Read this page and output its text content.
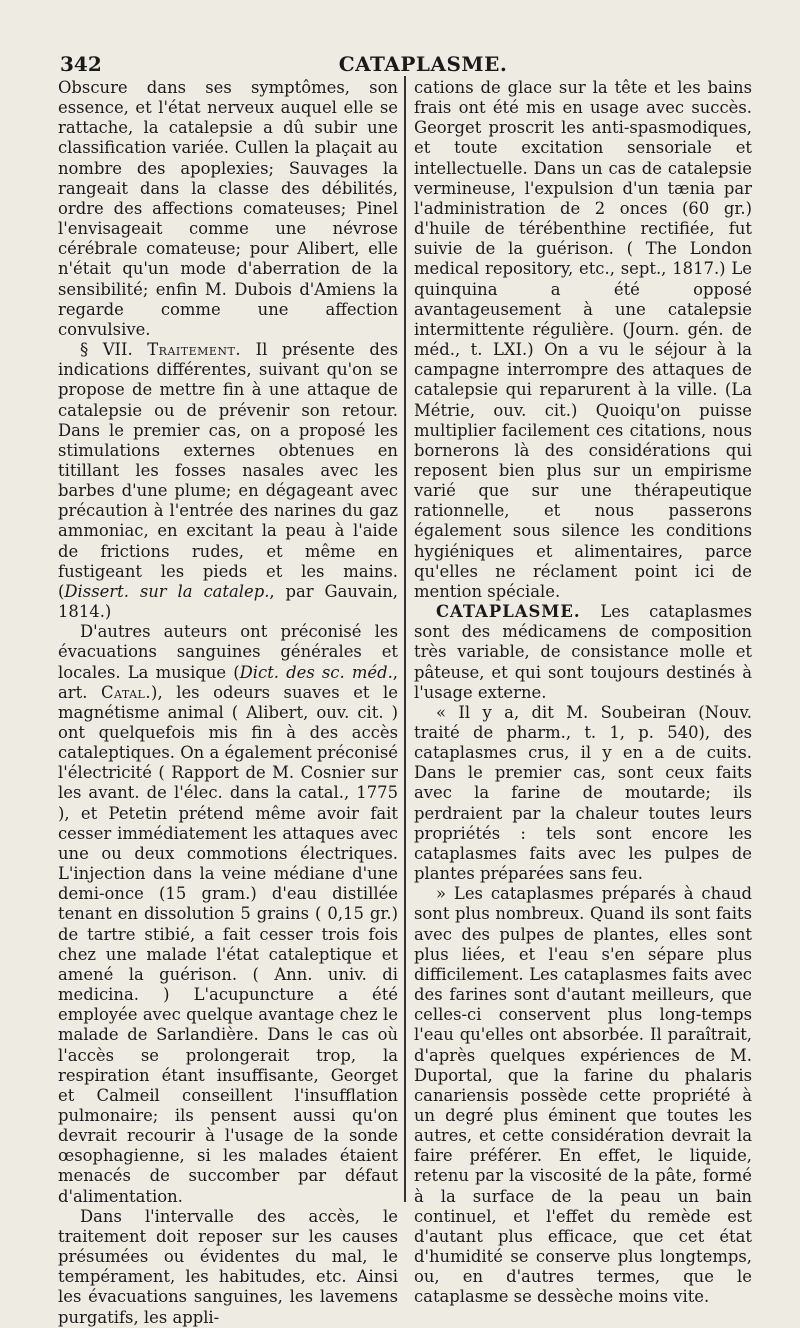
342	CATAPLASME.

Obscure dans ses symptômes, son essence, et l'état nerveux auquel elle se rattache, la catalepsie a dû subir une classification variée. Cullen la plaçait au nombre des apoplexies; Sauvages la rangeait dans la classe des débilités, ordre des affections comateuses; Pinel l'envisageait comme une névrose cérébrale comateuse; pour Alibert, elle n'était qu'un mode d'aberration de la sensibilité; enfin M. Dubois d'Amiens la regarde comme une affection convulsive.

§ VII. Traitement. Il présente des indications différentes, suivant qu'on se propose de mettre fin à une attaque de catalepsie ou de prévenir son retour. Dans le premier cas, on a proposé les stimulations externes obtenues en titillant les fosses nasales avec les barbes d'une plume; en dégageant avec précaution à l'entrée des narines du gaz ammoniac, en excitant la peau à l'aide de frictions rudes, et même en fustigeant les pieds et les mains. (Dissert. sur la catalep., par Gauvain, 1814.)

D'autres auteurs ont préconisé les évacuations sanguines générales et locales. La musique (Dict. des sc. méd., art. Catal.), les odeurs suaves et le magnétisme animal ( Alibert, ouv. cit. ) ont quelquefois mis fin à des accès cataleptiques. On a également préconisé l'électricité ( Rapport de M. Cosnier sur les avant. de l'élec. dans la catal., 1775 ), et Petetin prétend même avoir fait cesser immédiatement les attaques avec une ou deux commotions électriques. L'injection dans la veine médiane d'une demi-once (15 gram.) d'eau distillée tenant en dissolution 5 grains ( 0,15 gr.) de tartre stibié, a fait cesser trois fois chez une malade l'état cataleptique et amené la guérison. ( Ann. univ. di medicina. ) L'acupuncture a été employée avec quelque avantage chez le malade de Sarlandière. Dans le cas où l'accès se prolongerait trop, la respiration étant insuffisante, Georget et Calmeil conseillent l'insufflation pulmonaire; ils pensent aussi qu'on devrait recourir à l'usage de la sonde œsophagienne, si les malades étaient menacés de succomber par défaut d'alimentation.

Dans l'intervalle des accès, le traitement doit reposer sur les causes présumées ou évidentes du mal, le tempérament, les habitudes, etc. Ainsi les évacuations sanguines, les lavemens purgatifs, les appli-

cations de glace sur la tête et les bains frais ont été mis en usage avec succès. Georget proscrit les anti-spasmodiques, et toute excitation sensoriale et intellectuelle. Dans un cas de catalepsie vermineuse, l'expulsion d'un tænia par l'administration de 2 onces (60 gr.) d'huile de térébenthine rectifiée, fut suivie de la guérison. ( The London medical repository, etc., sept., 1817.) Le quinquina a été opposé avantageusement à une catalepsie intermittente régulière. (Journ. gén. de méd., t. LXI.) On a vu le séjour à la campagne interrompre des attaques de catalepsie qui reparurent à la ville. (La Métrie, ouv. cit.) Quoiqu'on puisse multiplier facilement ces citations, nous bornerons là des considérations qui reposent bien plus sur un empirisme varié que sur une thérapeutique rationnelle, et nous passerons également sous silence les conditions hygiéniques et alimentaires, parce qu'elles ne réclament point ici de mention spéciale.

CATAPLASME. Les cataplasmes sont des médicamens de composition très variable, de consistance molle et pâteuse, et qui sont toujours destinés à l'usage externe.

« Il y a, dit M. Soubeiran (Nouv. traité de pharm., t. 1, p. 540), des cataplasmes crus, il y en a de cuits. Dans le premier cas, sont ceux faits avec la farine de moutarde; ils perdraient par la chaleur toutes leurs propriétés : tels sont encore les cataplasmes faits avec les pulpes de plantes préparées sans feu.

» Les cataplasmes préparés à chaud sont plus nombreux. Quand ils sont faits avec des pulpes de plantes, elles sont plus liées, et l'eau s'en sépare plus difficilement. Les cataplasmes faits avec des farines sont d'autant meilleurs, que celles-ci conservent plus long-temps l'eau qu'elles ont absorbée. Il paraîtrait, d'après quelques expériences de M. Duportal, que la farine du phalaris canariensis possède cette propriété à un degré plus éminent que toutes les autres, et cette considération devrait la faire préférer. En effet, le liquide, retenu par la viscosité de la pâte, formé à la surface de la peau un bain continuel, et l'effet du remède est d'autant plus efficace, que cet état d'humidité se conserve plus longtemps, ou, en d'autres termes, que le cataplasme se dessèche moins vite.
